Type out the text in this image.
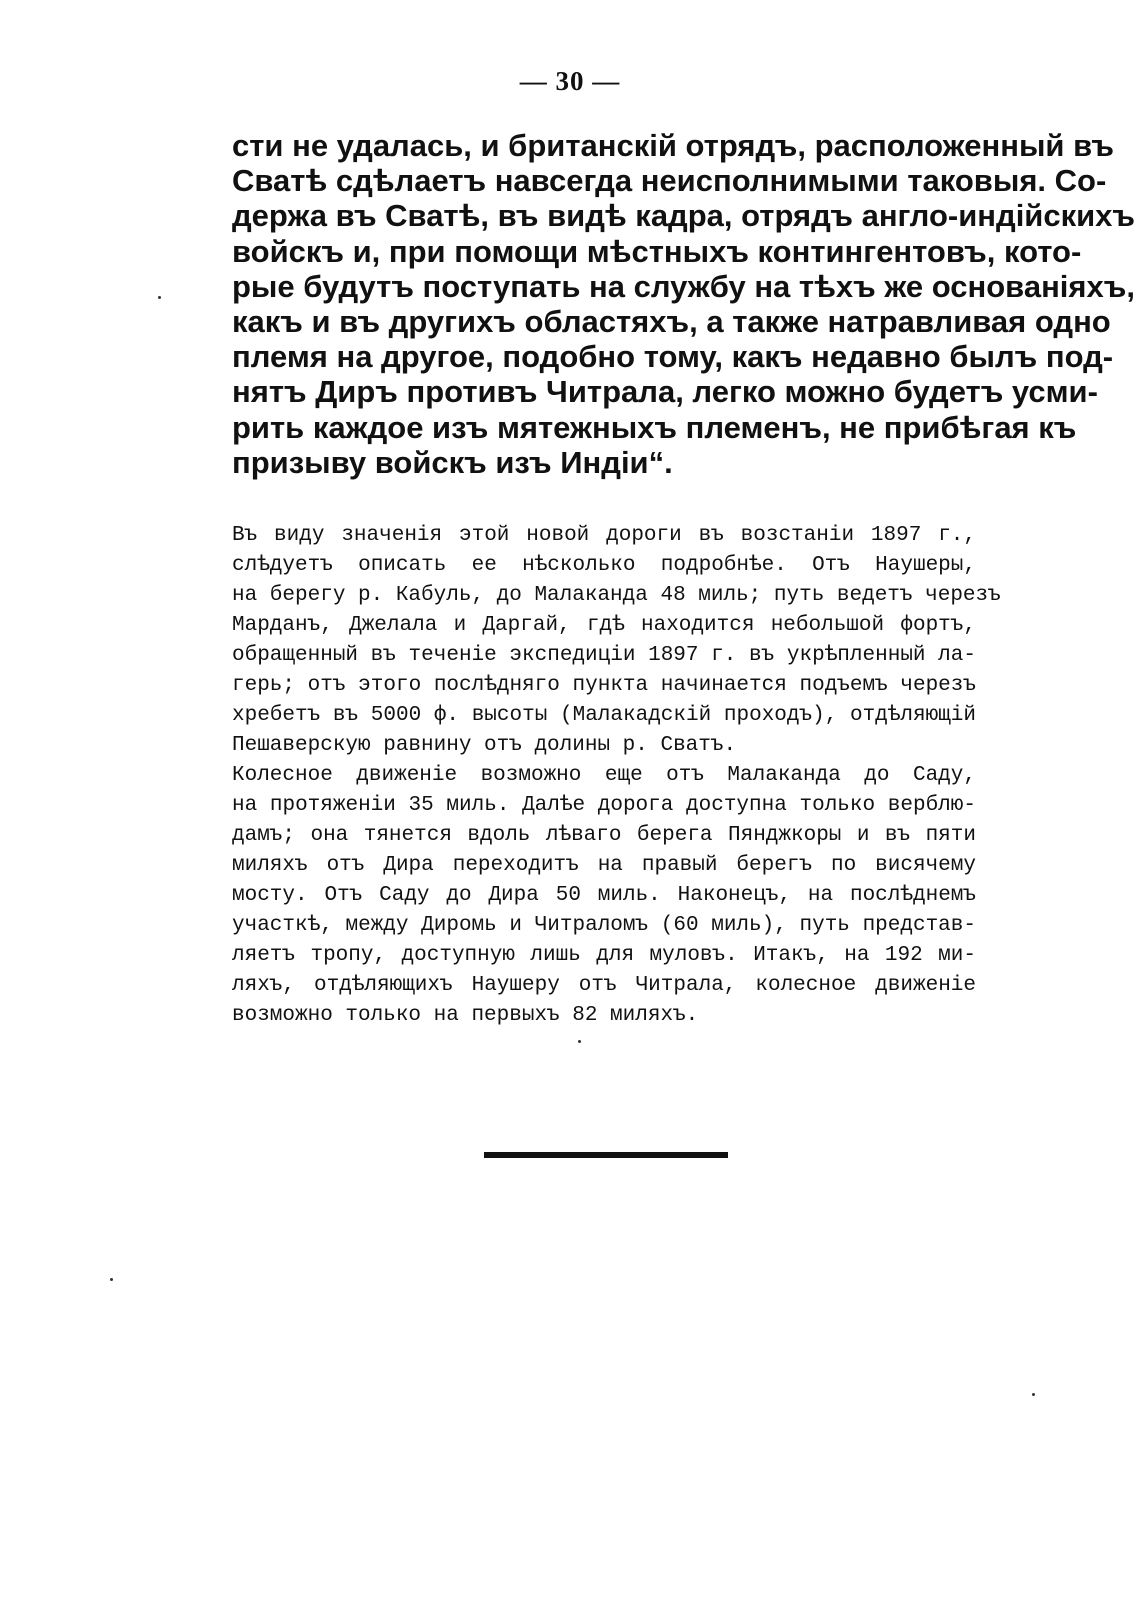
— 30 —
сти не удалась, и британскій отрядъ, расположенный въ
Сватѣ сдѣлаетъ навсегда неисполнимыми таковыя. Со-
держа въ Сватѣ, въ видѣ кадра, отрядъ англо-индійскихъ
войскъ и, при помощи мѣстныхъ контингентовъ, кото-
рые будутъ поступать на службу на тѣхъ же основаніяхъ,
какъ и въ другихъ областяхъ, а также натравливая одно
племя на другое, подобно тому, какъ недавно былъ под-
нятъ Диръ противъ Читрала, легко можно будетъ усми-
рить каждое изъ мятежныхъ племенъ, не прибѣгая къ
призыву войскъ изъ Индіи“.
Въ виду значенія этой новой дороги въ возстаніи 1897 г.,
слѣдуетъ описать ее нѣсколько подробнѣе. Отъ Наушеры,
на берегу р. Кабуль, до Малаканда 48 миль; путь ведетъ черезъ
Марданъ, Джелала и Даргай, гдѣ находится небольшой фортъ,
обращенный въ теченіе экспедиціи 1897 г. въ укрѣпленный ла-
герь; отъ этого послѣдняго пункта начинается подъемъ черезъ
хребетъ въ 5000 ф. высоты (Малакадскій проходъ), отдѣляющій
Пешаверскую равнину отъ долины р. Сватъ.
Колесное движеніе возможно еще отъ Малаканда до Саду,
на протяженіи 35 миль. Далѣе дорога доступна только верблю-
дамъ; она тянется вдоль лѣваго берега Пянджкоры и въ пяти
миляхъ отъ Дира переходитъ на правый берегъ по висячему
мосту. Отъ Саду до Дира 50 миль. Наконецъ, на послѣднемъ
участкѣ, между Диромь и Читраломъ (60 миль), путь представ-
ляетъ тропу, доступную лишь для муловъ. Итакъ, на 192 ми-
ляхъ, отдѣляющихъ Наушеру отъ Читрала, колесное движеніе
возможно только на первыхъ 82 миляхъ.
